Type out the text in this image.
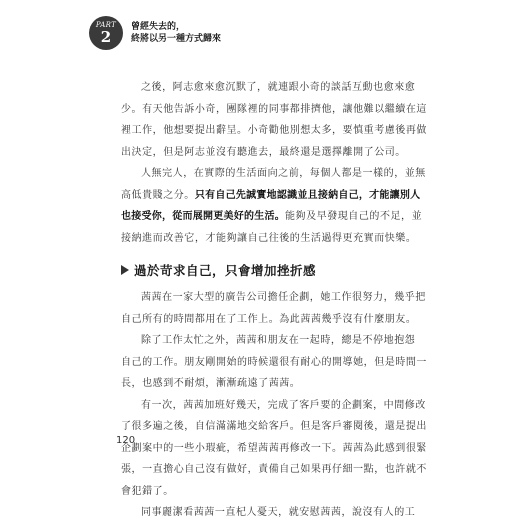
PART
2
曾經失去的，
終將以另一種方式歸來
之後，阿志愈來愈沉默了，就連跟小奇的談話互動也愈來愈
少。有天他告訴小奇，團隊裡的同事都排擠他，讓他難以繼續在這
裡工作，他想要提出辭呈。小奇勸他別想太多，要慎重考慮後再做
出決定，但是阿志並沒有聽進去，最終還是選擇離開了公司。
人無完人，在實際的生活面向之前，每個人都是一樣的，並無
高低貴賤之分。只有自己先誠實地認識並且接納自己，才能讓別人
也接受你，從而展開更美好的生活。能夠及早發現自己的不足，並
接納進而改善它，才能夠讓自己往後的生活過得更充實而快樂。
過於苛求自己，只會增加挫折感
茜茜在一家大型的廣告公司擔任企劃，她工作很努力，幾乎把
自己所有的時間都用在了工作上。為此茜茜幾乎沒有什麼朋友。
除了工作太忙之外，茜茜和朋友在一起時，總是不停地抱怨
自己的工作。朋友剛開始的時候還很有耐心的開導她，但是時間一
長，也感到不耐煩，漸漸疏遠了茜茜。
有一次，茜茜加班好幾天，完成了客戶要的企劃案，中間修改
了很多遍之後，自信滿滿地交給客戶。但是客戶審閱後，還是提出
企劃案中的一些小瑕疵，希望茜茜再修改一下。茜茜為此感到很緊
張，一直擔心自己沒有做好，責備自己如果再仔細一點，也許就不
會犯錯了。
同事麗潔看茜茜一直杞人憂天，就安慰茜茜，說沒有人的工
120
